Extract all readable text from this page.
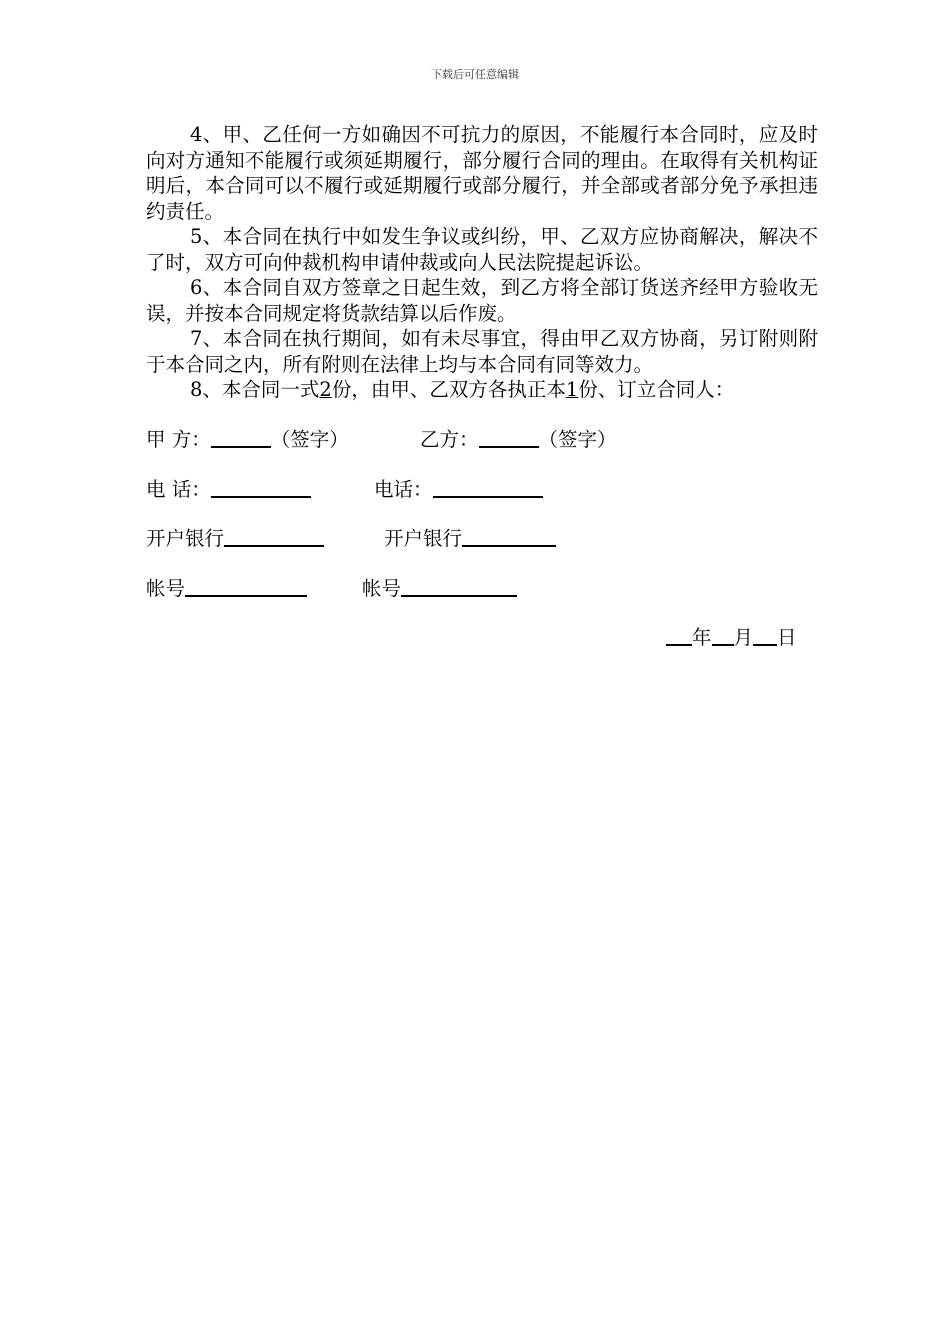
下载后可任意编辑

4、甲、乙任何一方如确因不可抗力的原因，不能履行本合同时，应及时向对方通知不能履行或须延期履行，部分履行合同的理由。在取得有关机构证明后，本合同可以不履行或延期履行或部分履行，并全部或者部分免予承担违约责任。

5、本合同在执行中如发生争议或纠纷，甲、乙双方应协商解决，解决不了时，双方可向仲裁机构申请仲裁或向人民法院提起诉讼。

6、本合同自双方签章之日起生效，到乙方将全部订货送齐经甲方验收无误，并按本合同规定将货款结算以后作废。

7、本合同在执行期间，如有未尽事宜，得由甲乙双方协商，另订附则附于本合同之内，所有附则在法律上均与本合同有同等效力。

8、本合同一式2份，由甲、乙双方各执正本1份、订立合同人：

甲 方：	（签字）	乙方：	（签字）
电 话：	电话：
开户银行	开户银行
帐号	帐号
年 月 日
